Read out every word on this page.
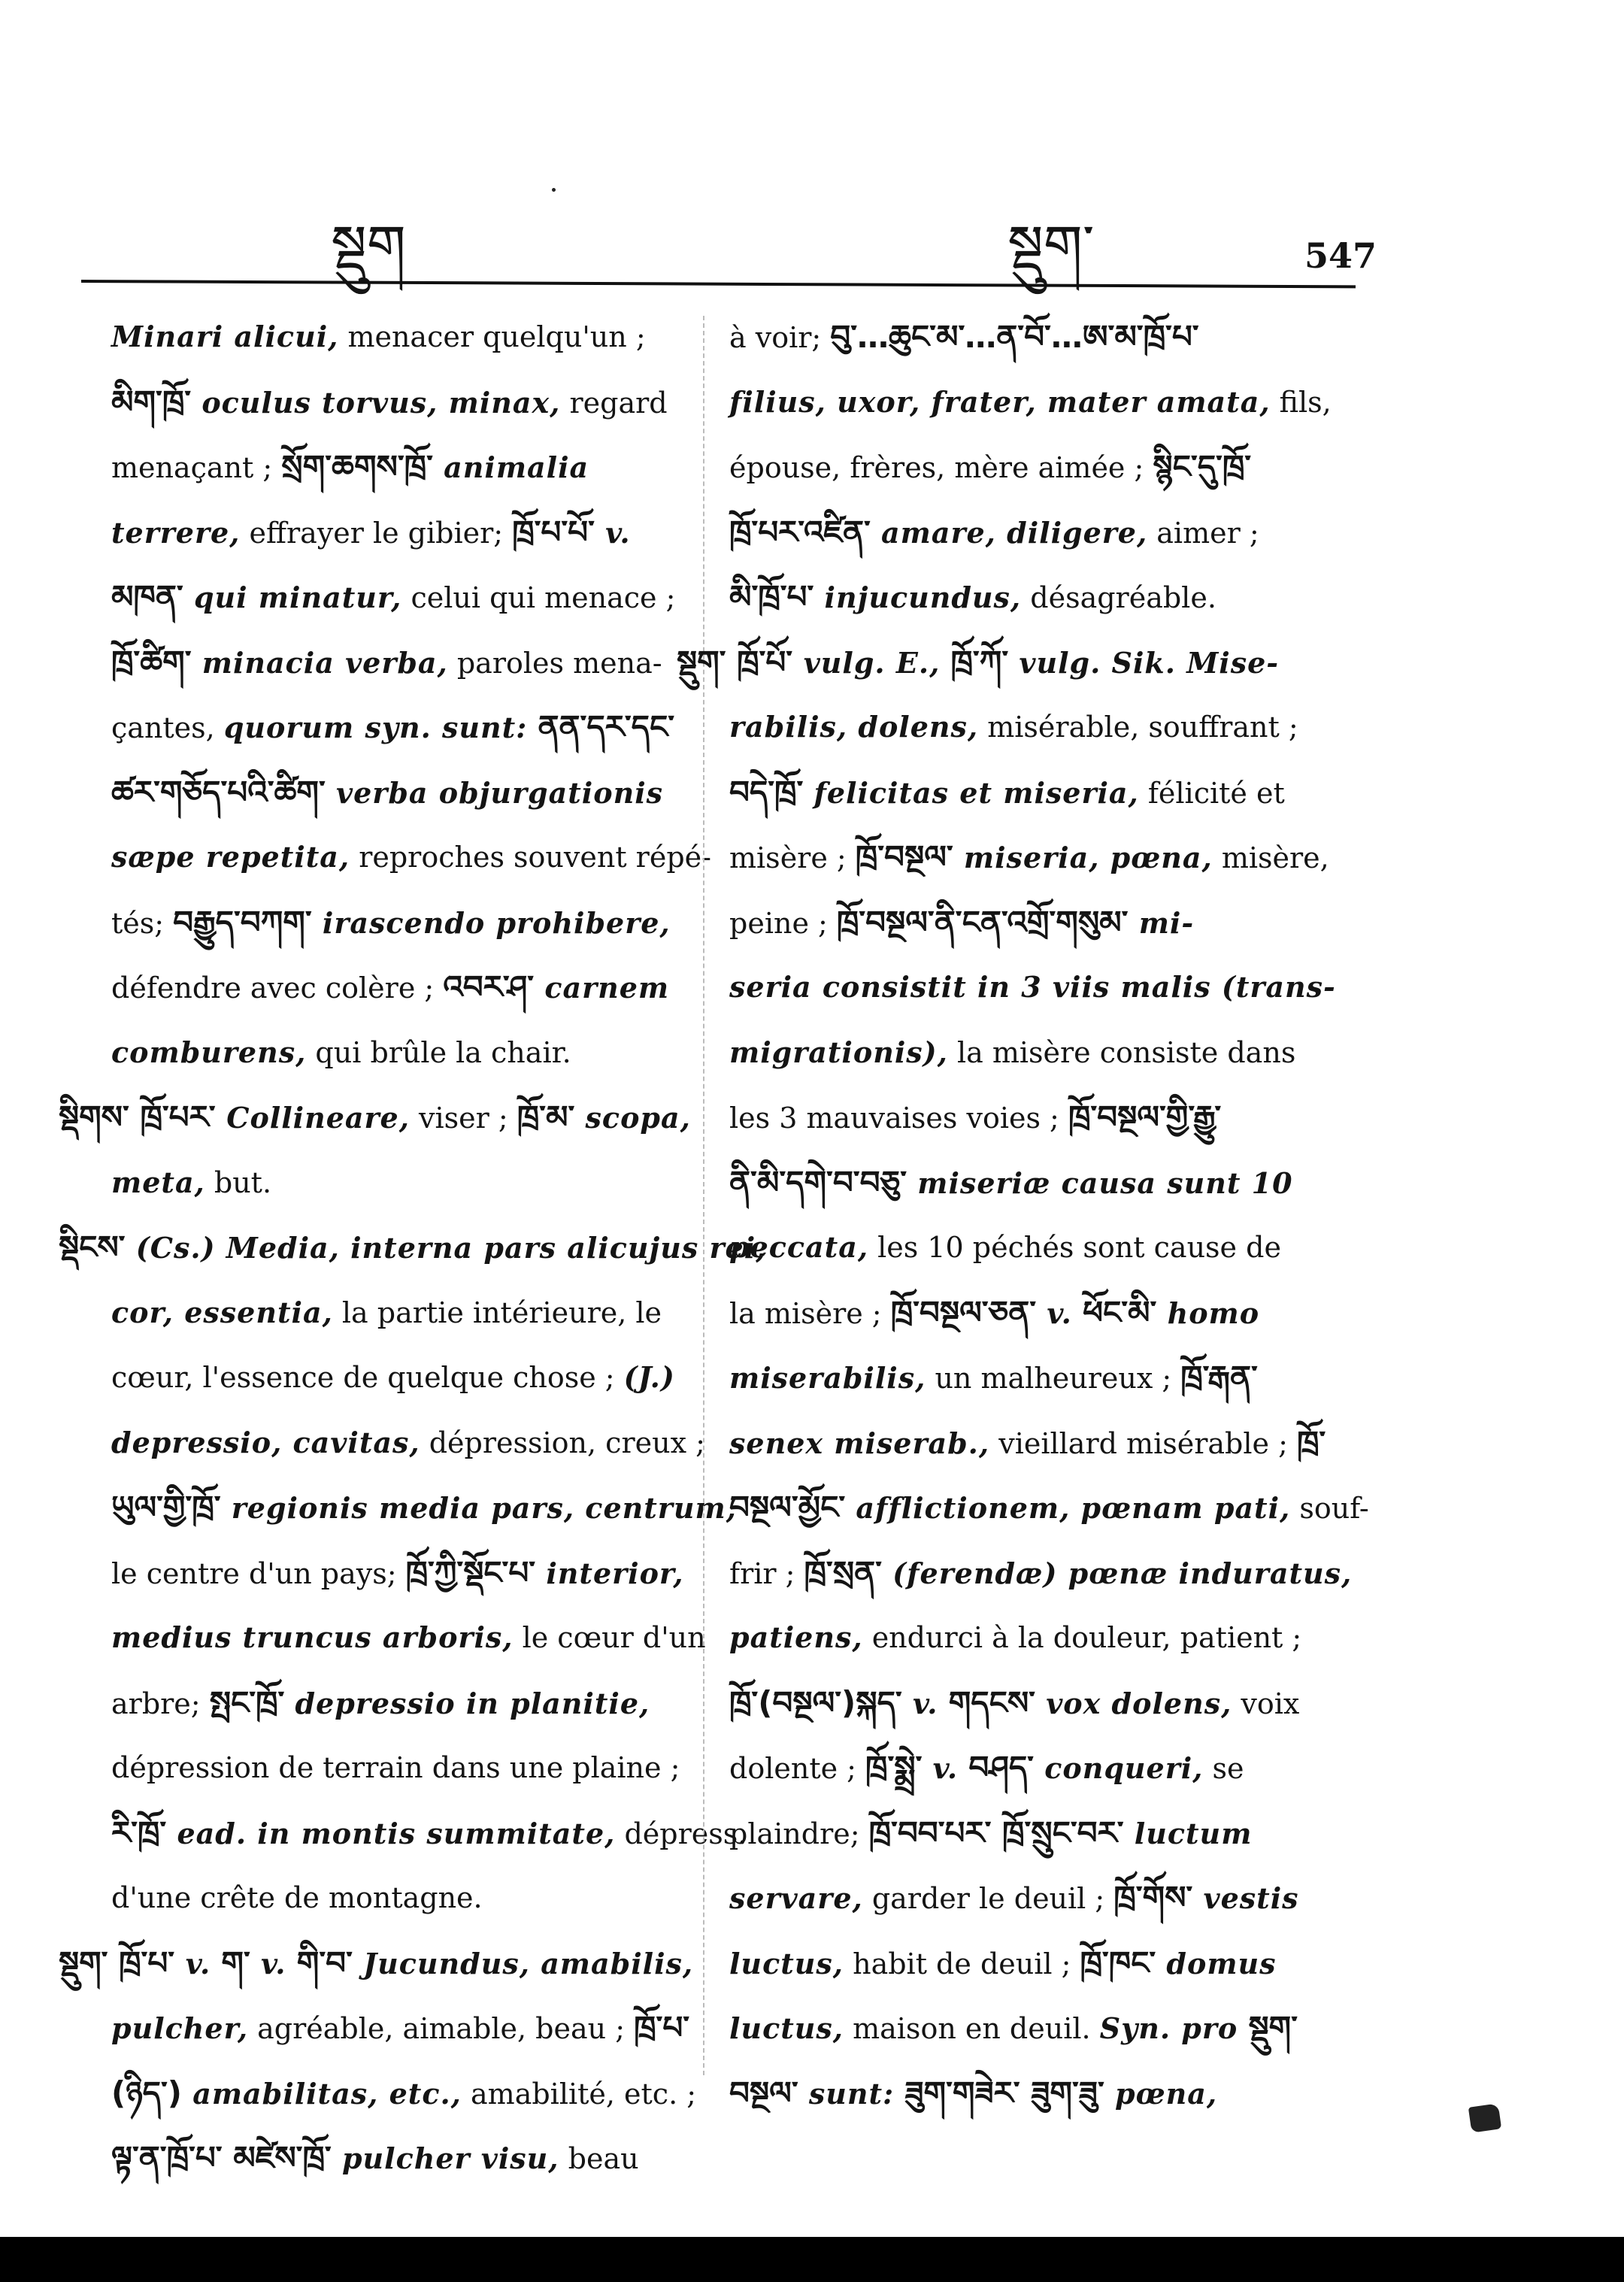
སྡུག	སྡུག་	547
Minari alicui, menacer quelqu'un ;
མིག་ཁྲོ་ oculus torvus, minax, regard
menaçant ; སྲོག་ཆགས་ཁྲོ་ animalia
terrere, effrayer le gibier; ཁྲོ་པ་པོ་ v.
མཁན་ qui minatur, celui qui menace ;
ཁྲོ་ཚིག་ minacia verba, paroles mena-
çantes, quorum syn. sunt: ནན་དར་དང་
ཚར་གཅོད་པའི་ཚིག་ verba objurgationis
sæpe repetita, reproches souvent répé-
tés; བརྒྱུད་བཀག་ irascendo prohibere,
défendre avec colère ; འབར་ཤ་ carnem
comburens, qui brûle la chair.
སྡིགས་ ཁྲོ་པར་ Collineare, viser ; ཁྲོ་མ་ scopa,
meta, but.
སྡིངས་ (Cs.) Media, interna pars alicujus rei,
cor, essentia, la partie intérieure, le
cœur, l'essence de quelque chose ; (J.)
depressio, cavitas, dépression, creux ;
ཡུལ་གྱི་ཁྲོ་ regionis media pars, centrum,
le centre d'un pays; ཁྲོ་ཀྱི་སྡོང་པ་ interior,
medius truncus arboris, le cœur d'un
arbre; སྤང་ཁྲོ་ depressio in planitie,
dépression de terrain dans une plaine ;
རི་ཁྲོ་ ead. in montis summitate, dépress.
d'une crête de montagne.
སྡུག་ ཁྲོ་པ་ v. ག་ v. གི་བ་ Jucundus, amabilis,
pulcher, agréable, aimable, beau ; ཁྲོ་པ་
(ཉིད་) amabilitas, etc., amabilité, etc. ;
ལྟ་ན་ཁྲོ་པ་ མཛེས་ཁྲོ་ pulcher visu, beau
à voir; བུ་…ཆུང་མ་…ན་བོ་…ཨ་མ་ཁྲོ་པ་
filius, uxor, frater, mater amata, fils,
épouse, frères, mère aimée ; སྙིང་དུ་ཁྲོ་
ཁྲོ་པར་འཛིན་ amare, diligere, aimer ;
མི་ཁྲོ་པ་ injucundus, désagréable.
སྡུག་ ཁྲོ་པོ་ vulg. E., ཁྲོ་ཀོ་ vulg. Sik. Mise-
rabilis, dolens, misérable, souffrant ;
བདེ་ཁྲོ་ felicitas et miseria, félicité et
misère ; ཁྲོ་བསྔལ་ miseria, pœna, misère,
peine ; ཁྲོ་བསྔལ་ནི་ངན་འགྲོ་གསུམ་ mi-
seria consistit in 3 viis malis (trans-
migrationis), la misère consiste dans
les 3 mauvaises voies ; ཁྲོ་བསྔལ་གྱི་རྒྱུ་
ནི་མི་དགེ་བ་བཅུ་ miseriæ causa sunt 10
peccata, les 10 péchés sont cause de
la misère ; ཁྲོ་བསྔལ་ཅན་ v. ཕོང་མི་ homo
miserabilis, un malheureux ; ཁྲོ་རྒན་
senex miserab., vieillard misérable ; ཁྲོ་
བསྔལ་མྱོང་ afflictionem, pœnam pati, souf-
frir ; ཁྲོ་སྲན་ (ferendæ) pœnæ induratus,
patiens, endurci à la douleur, patient ;
ཁྲོ་(བསྔལ་)སྐད་ v. གདངས་ vox dolens, voix
dolente ; ཁྲོ་སྨྲེ་ v. བཤད་ conqueri, se
plaindre; ཁྲོ་བབ་པར་ ཁྲོ་སྲུང་བར་ luctum
servare, garder le deuil ; ཁྲོ་གོས་ vestis
luctus, habit de deuil ; ཁྲོ་ཁང་ domus
luctus, maison en deuil. Syn. pro སྡུག་
བསྔལ་ sunt: ཟུག་གཟེར་ ཟུག་ཟུ་ pœna,
